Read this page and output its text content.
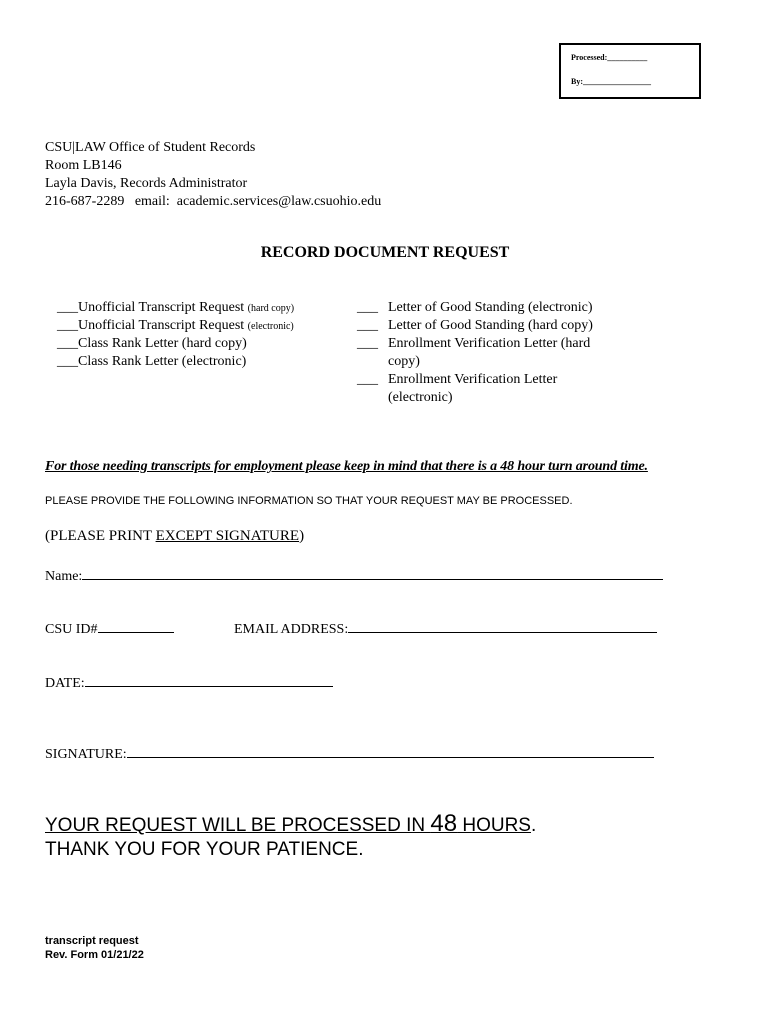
Processed:__________
By:_________________
CSU|LAW Office of Student Records
Room LB146
Layla Davis, Records Administrator
216-687-2289   email:  academic.services@law.csuohio.edu
RECORD DOCUMENT REQUEST
___Unofficial Transcript Request (hard copy)
___Unofficial Transcript Request (electronic)
___Class Rank Letter (hard copy)
___Class Rank Letter (electronic)
___ Letter of Good Standing (electronic)
___ Letter of Good Standing (hard copy)
___ Enrollment Verification Letter (hard copy)
___ Enrollment Verification Letter (electronic)
For those needing transcripts for employment please keep in mind that there is a 48 hour turn around time.
PLEASE PROVIDE THE FOLLOWING INFORMATION SO THAT YOUR REQUEST MAY BE PROCESSED.
(PLEASE PRINT EXCEPT SIGNATURE)
Name:
CSU ID#	EMAIL ADDRESS:
DATE:
SIGNATURE:
YOUR REQUEST WILL BE PROCESSED IN 48 HOURS.
THANK YOU FOR YOUR PATIENCE.
transcript request
Rev. Form 01/21/22
